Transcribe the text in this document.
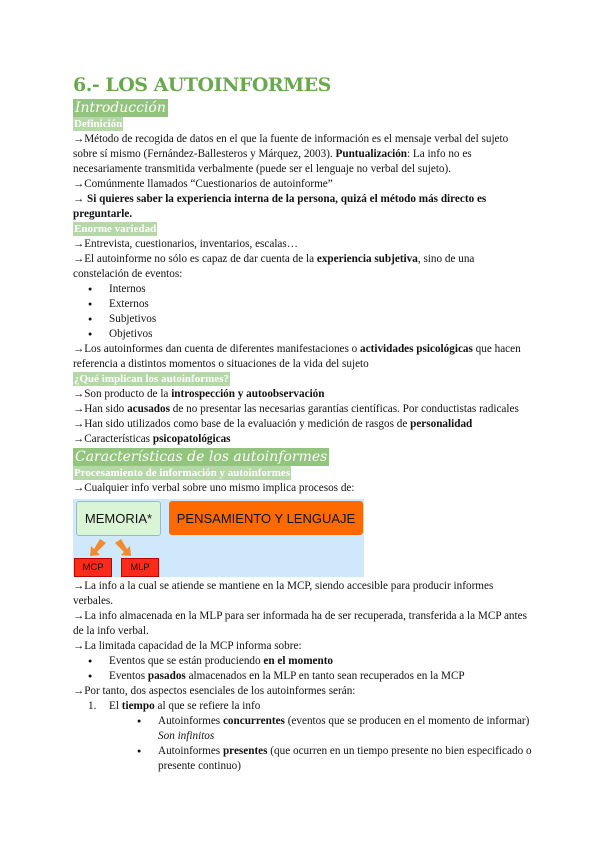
6.- LOS AUTOINFORMES
Introducción
Definición

→Método de recogida de datos en el que la fuente de información es el mensaje verbal del sujeto sobre sí mismo (Fernández-Ballesteros y Márquez, 2003). Puntualización: La info no es necesariamente transmitida verbalmente (puede ser el lenguaje no verbal del sujeto).

→Comúnmente llamados “Cuestionarios de autoinforme”

→ Si quieres saber la experiencia interna de la persona, quizá el método más directo es preguntarle.

Enorme variedad

→Entrevista, cuestionarios, inventarios, escalas…

→El autoinforme no sólo es capaz de dar cuenta de la experiencia subjetiva, sino de una constelación de eventos:

● Internos
● Externos
● Subjetivos
● Objetivos

→Los autoinformes dan cuenta de diferentes manifestaciones o actividades psicológicas que hacen referencia a distintos momentos o situaciones de la vida del sujeto

¿Qué implican los autoinformes?

→Son producto de la introspección y autoobservación

→Han sido acusados de no presentar las necesarias garantías científicas. Por conductistas radicales

→Han sido utilizados como base de la evaluación y medición de rasgos de personalidad

→Características psicopatológicas

Características de los autoinformes
Procesamiento de información y autoinformes

→Cualquier info verbal sobre uno mismo implica procesos de:

MEMORIA*	PENSAMIENTO Y LENGUAJE
MCP	MLP

→La info a la cual se atiende se mantiene en la MCP, siendo accesible para producir informes verbales.

→La info almacenada en la MLP para ser informada ha de ser recuperada, transferida a la MCP antes de la info verbal.

→La limitada capacidad de la MCP informa sobre:

● Eventos que se están produciendo en el momento
● Eventos pasados almacenados en la MLP en tanto sean recuperados en la MCP

→Por tanto, dos aspectos esenciales de los autoinformes serán:

1. El tiempo al que se refiere la info
● Autoinformes concurrentes (eventos que se producen en el momento de informar)
Son infinitos
● Autoinformes presentes (que ocurren en un tiempo presente no bien especificado o presente continuo)
